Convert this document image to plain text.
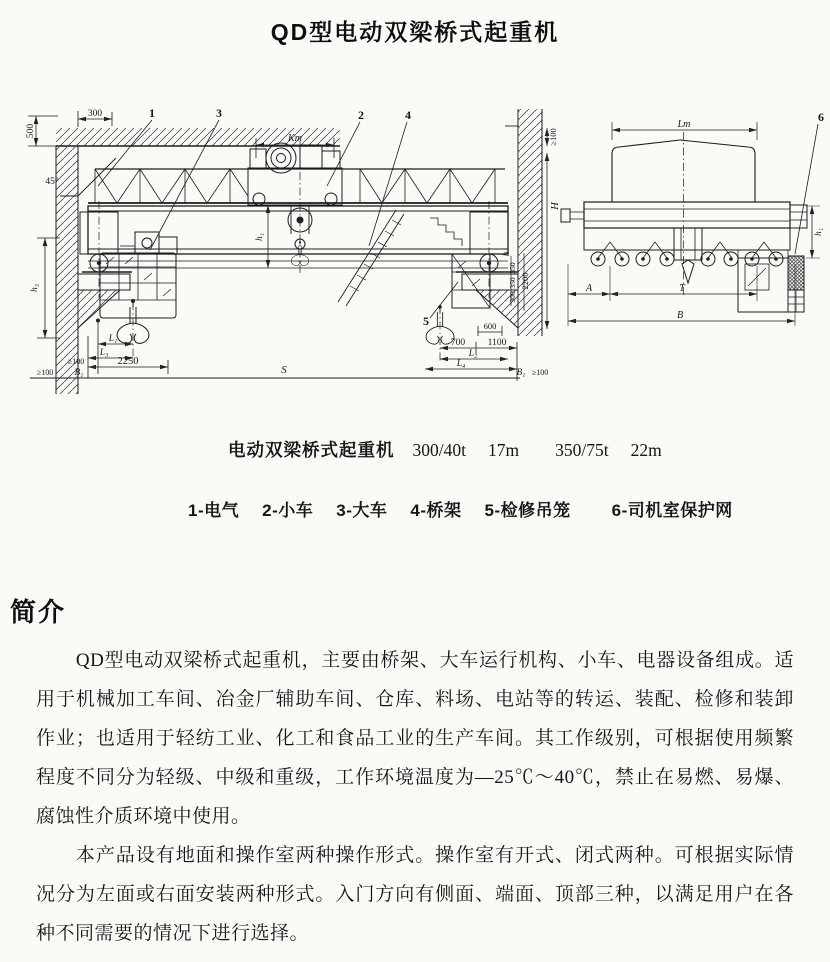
QD型电动双梁桥式起重机
500
300
45°
1	3	2	4
5
6
Kт
h₁
h₃
≥100
H
L₁
L₃
≥100	2250
≥100 B₁	S
600
700 1100
L₂
L₄
B₁ ≥100
h
350
350
300
2200
Lт
A	T
B
h₁
电动双梁桥式起重机 300/40t 17m 350/75t 22m
1-电气 2-小车 3-大车 4-桥架 5-检修吊笼 6-司机室保护网
简介

QD型电动双梁桥式起重机，主要由桥架、大车运行机构、小车、电器设备组成。适用于机械加工车间、冶金厂辅助车间、仓库、料场、电站等的转运、装配、检修和装卸作业；也适用于轻纺工业、化工和食品工业的生产车间。其工作级别，可根据使用频繁程度不同分为轻级、中级和重级，工作环境温度为—25℃～40℃，禁止在易燃、易爆、腐蚀性介质环境中使用。

本产品设有地面和操作室两种操作形式。操作室有开式、闭式两种。可根据实际情况分为左面或右面安装两种形式。入门方向有侧面、端面、顶部三种，以满足用户在各种不同需要的情况下进行选择。
